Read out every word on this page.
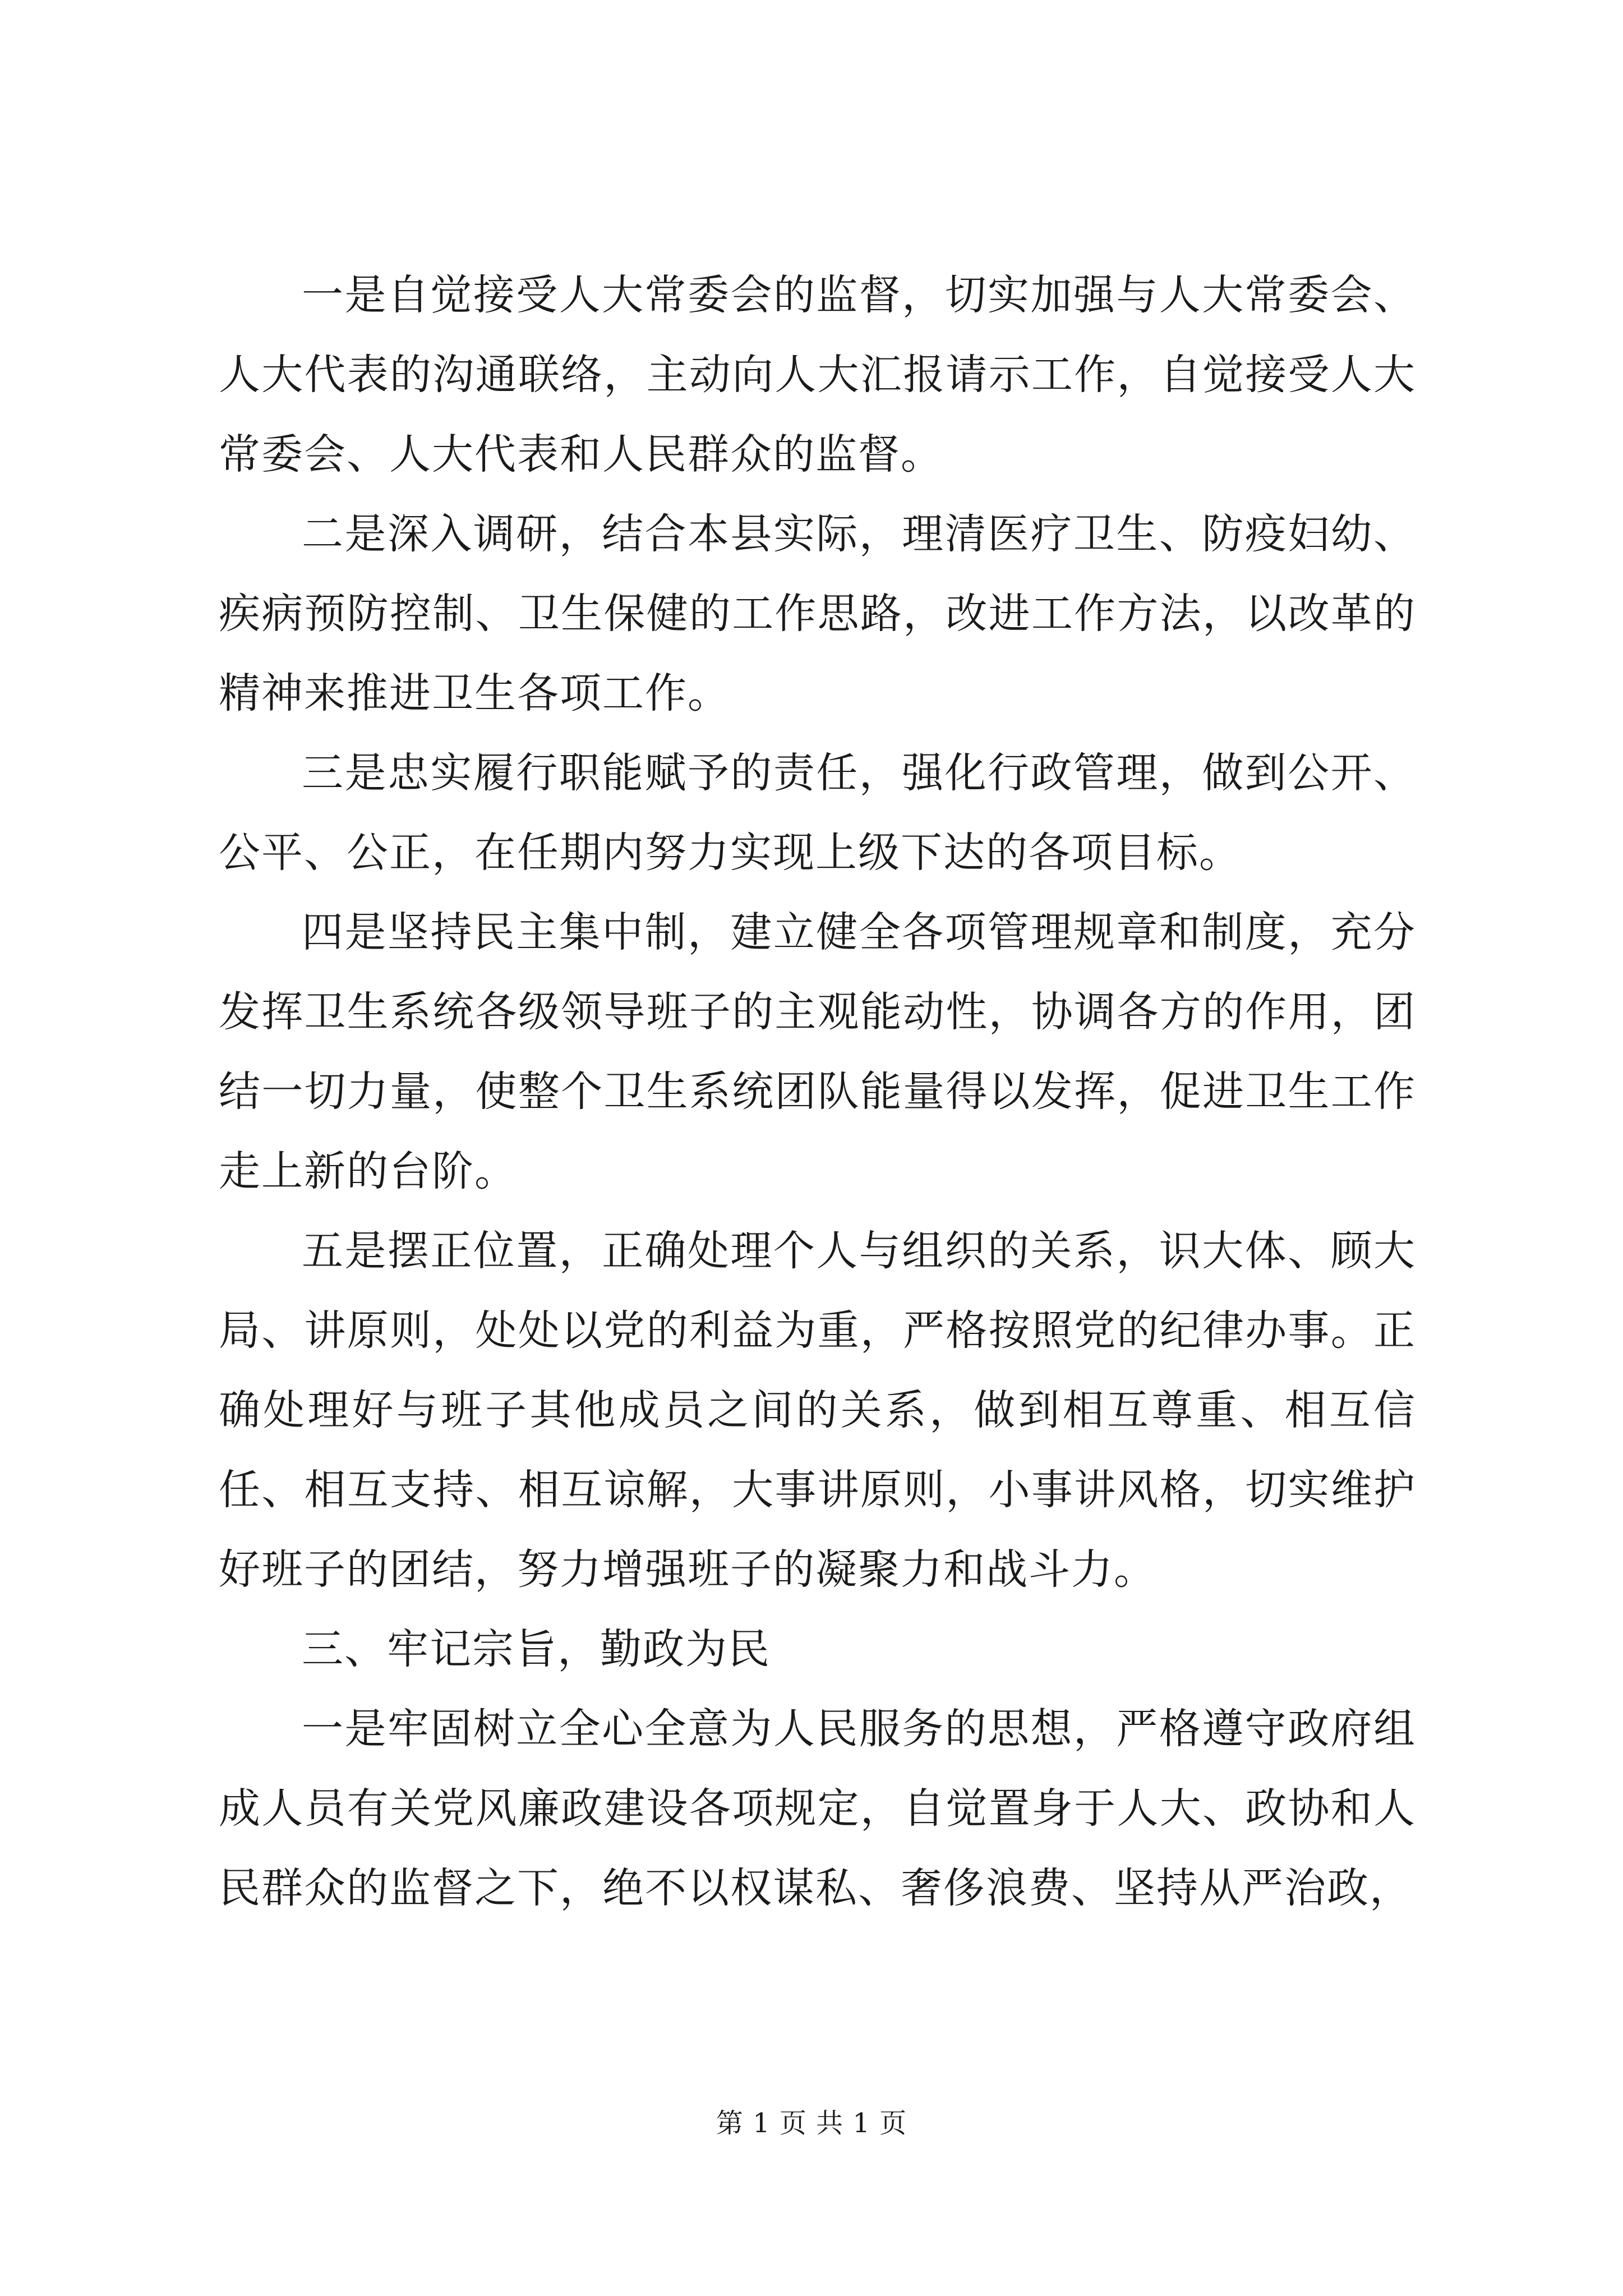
一是自觉接受人大常委会的监督，切实加强与人大常委会、人大代表的沟通联络，主动向人大汇报请示工作，自觉接受人大常委会、人大代表和人民群众的监督。

二是深入调研，结合本县实际，理清医疗卫生、防疫妇幼、疾病预防控制、卫生保健的工作思路，改进工作方法，以改革的精神来推进卫生各项工作。

三是忠实履行职能赋予的责任，强化行政管理，做到公开、公平、公正，在任期内努力实现上级下达的各项目标。

四是坚持民主集中制，建立健全各项管理规章和制度，充分发挥卫生系统各级领导班子的主观能动性，协调各方的作用，团结一切力量，使整个卫生系统团队能量得以发挥，促进卫生工作走上新的台阶。

五是摆正位置，正确处理个人与组织的关系，识大体、顾大局、讲原则，处处以党的利益为重，严格按照党的纪律办事。正确处理好与班子其他成员之间的关系，做到相互尊重、相互信任、相互支持、相互谅解，大事讲原则，小事讲风格，切实维护好班子的团结，努力增强班子的凝聚力和战斗力。

三、牢记宗旨，勤政为民

一是牢固树立全心全意为人民服务的思想，严格遵守政府组成人员有关党风廉政建设各项规定，自觉置身于人大、政协和人民群众的监督之下，绝不以权谋私、奢侈浪费、坚持从严治政，

第 1 页 共 1 页
